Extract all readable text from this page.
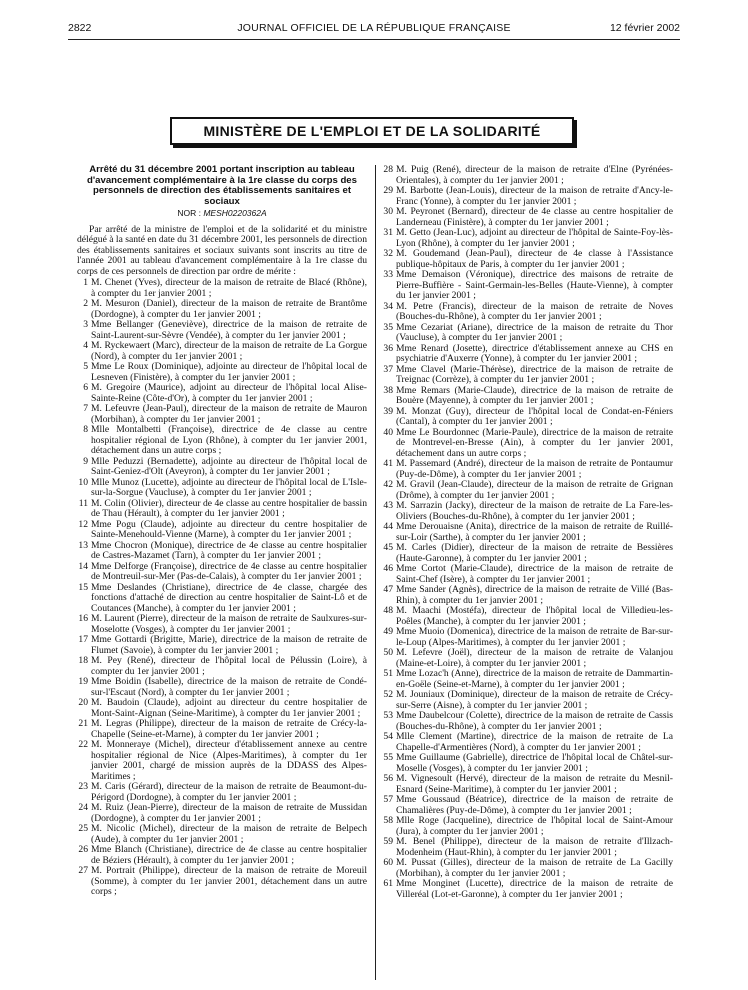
2822	JOURNAL OFFICIEL DE LA RÉPUBLIQUE FRANÇAISE	12 février 2002
MINISTÈRE DE L'EMPLOI ET DE LA SOLIDARITÉ
Arrêté du 31 décembre 2001 portant inscription au tableau d'avancement complémentaire à la 1re classe du corps des personnels de direction des établissements sanitaires et sociaux
NOR : MESH0220362A

Par arrêté de la ministre de l'emploi et de la solidarité et du ministre délégué à la santé en date du 31 décembre 2001, les personnels de direction des établissements sanitaires et sociaux suivants sont inscrits au titre de l'année 2001 au tableau d'avancement complémentaire à la 1re classe du corps de ces personnels de direction par ordre de mérite :

1 M. Chenet (Yves), directeur de la maison de retraite de Blacé (Rhône), à compter du 1er janvier 2001 ;
2 M. Mesuron (Daniel), directeur de la maison de retraite de Brantôme (Dordogne), à compter du 1er janvier 2001 ;
3 Mme Bellanger (Geneviève), directrice de la maison de retraite de Saint-Laurent-sur-Sèvre (Vendée), à compter du 1er janvier 2001 ;
4 M. Ryckewaert (Marc), directeur de la maison de retraite de La Gorgue (Nord), à compter du 1er janvier 2001 ;
5 Mme Le Roux (Dominique), adjointe au directeur de l'hôpital local de Lesneven (Finistère), à compter du 1er janvier 2001 ;
6 M. Gregoire (Maurice), adjoint au directeur de l'hôpital local Alise-Sainte-Reine (Côte-d'Or), à compter du 1er janvier 2001 ;
7 M. Lefeuvre (Jean-Paul), directeur de la maison de retraite de Mauron (Morbihan), à compter du 1er janvier 2001 ;
8 Mlle Montalbetti (Françoise), directrice de 4e classe au centre hospitalier régional de Lyon (Rhône), à compter du 1er janvier 2001, détachement dans un autre corps ;
9 Mlle Peduzzi (Bernadette), adjointe au directeur de l'hôpital local de Saint-Geniez-d'Olt (Aveyron), à compter du 1er janvier 2001 ;
10 Mlle Munoz (Lucette), adjointe au directeur de l'hôpital local de L'Isle-sur-la-Sorgue (Vaucluse), à compter du 1er janvier 2001 ;
11 M. Colin (Olivier), directeur de 4e classe au centre hospitalier de bassin de Thau (Hérault), à compter du 1er janvier 2001 ;
12 Mme Pogu (Claude), adjointe au directeur du centre hospitalier de Sainte-Menehould-Vienne (Marne), à compter du 1er janvier 2001 ;
13 Mme Chocron (Monique), directrice de 4e classe au centre hospitalier de Castres-Mazamet (Tarn), à compter du 1er janvier 2001 ;
14 Mme Delforge (Françoise), directrice de 4e classe au centre hospitalier de Montreuil-sur-Mer (Pas-de-Calais), à compter du 1er janvier 2001 ;
15 Mme Deslandes (Christiane), directrice de 4e classe, chargée des fonctions d'attaché de direction au centre hospitalier de Saint-Lô et de Coutances (Manche), à compter du 1er janvier 2001 ;
16 M. Laurent (Pierre), directeur de la maison de retraite de Saulxures-sur-Moselotte (Vosges), à compter du 1er janvier 2001 ;
17 Mme Gottardi (Brigitte, Marie), directrice de la maison de retraite de Flumet (Savoie), à compter du 1er janvier 2001 ;
18 M. Pey (René), directeur de l'hôpital local de Pélussin (Loire), à compter du 1er janvier 2001 ;
19 Mme Boidin (Isabelle), directrice de la maison de retraite de Condé-sur-l'Escaut (Nord), à compter du 1er janvier 2001 ;
20 M. Baudoin (Claude), adjoint au directeur du centre hospitalier de Mont-Saint-Aignan (Seine-Maritime), à compter du 1er janvier 2001 ;
21 M. Legras (Philippe), directeur de la maison de retraite de Crécy-la-Chapelle (Seine-et-Marne), à compter du 1er janvier 2001 ;
22 M. Monneraye (Michel), directeur d'établissement annexe au centre hospitalier régional de Nice (Alpes-Maritimes), à compter du 1er janvier 2001, chargé de mission auprès de la DDASS des Alpes-Maritimes ;
23 M. Caris (Gérard), directeur de la maison de retraite de Beaumont-du-Périgord (Dordogne), à compter du 1er janvier 2001 ;
24 M. Ruiz (Jean-Pierre), directeur de la maison de retraite de Mussidan (Dordogne), à compter du 1er janvier 2001 ;
25 M. Nicolic (Michel), directeur de la maison de retraite de Belpech (Aude), à compter du 1er janvier 2001 ;
26 Mme Blanch (Christiane), directrice de 4e classe au centre hospitalier de Béziers (Hérault), à compter du 1er janvier 2001 ;
27 M. Portrait (Philippe), directeur de la maison de retraite de Moreuil (Somme), à compter du 1er janvier 2001, détachement dans un autre corps ;
28 M. Puig (René), directeur de la maison de retraite d'Elne (Pyrénées-Orientales), à compter du 1er janvier 2001 ;
29 M. Barbotte (Jean-Louis), directeur de la maison de retraite d'Ancy-le-Franc (Yonne), à compter du 1er janvier 2001 ;
30 M. Peyronet (Bernard), directeur de 4e classe au centre hospitalier de Landerneau (Finistère), à compter du 1er janvier 2001 ;
31 M. Getto (Jean-Luc), adjoint au directeur de l'hôpital de Sainte-Foy-lès-Lyon (Rhône), à compter du 1er janvier 2001 ;
32 M. Goudemand (Jean-Paul), directeur de 4e classe à l'Assistance publique-hôpitaux de Paris, à compter du 1er janvier 2001 ;
33 Mme Demaison (Véronique), directrice des maisons de retraite de Pierre-Buffière - Saint-Germain-les-Belles (Haute-Vienne), à compter du 1er janvier 2001 ;
34 M. Petre (Francis), directeur de la maison de retraite de Noves (Bouches-du-Rhône), à compter du 1er janvier 2001 ;
35 Mme Cezariat (Ariane), directrice de la maison de retraite du Thor (Vaucluse), à compter du 1er janvier 2001 ;
36 Mme Renard (Josette), directrice d'établissement annexe au CHS en psychiatrie d'Auxerre (Yonne), à compter du 1er janvier 2001 ;
37 Mme Clavel (Marie-Thérèse), directrice de la maison de retraite de Treignac (Corrèze), à compter du 1er janvier 2001 ;
38 Mme Remars (Marie-Claude), directrice de la maison de retraite de Bouère (Mayenne), à compter du 1er janvier 2001 ;
39 M. Monzat (Guy), directeur de l'hôpital local de Condat-en-Féniers (Cantal), à compter du 1er janvier 2001 ;
40 Mme Le Bourdonnec (Marie-Paule), directrice de la maison de retraite de Montrevel-en-Bresse (Ain), à compter du 1er janvier 2001, détachement dans un autre corps ;
41 M. Passemard (André), directeur de la maison de retraite de Pontaumur (Puy-de-Dôme), à compter du 1er janvier 2001 ;
42 M. Gravil (Jean-Claude), directeur de la maison de retraite de Grignan (Drôme), à compter du 1er janvier 2001 ;
43 M. Sarrazin (Jacky), directeur de la maison de retraite de La Fare-les-Oliviers (Bouches-du-Rhône), à compter du 1er janvier 2001 ;
44 Mme Derouaisne (Anita), directrice de la maison de retraite de Ruillé-sur-Loir (Sarthe), à compter du 1er janvier 2001 ;
45 M. Carles (Didier), directeur de la maison de retraite de Bessières (Haute-Garonne), à compter du 1er janvier 2001 ;
46 Mme Cortot (Marie-Claude), directrice de la maison de retraite de Saint-Chef (Isère), à compter du 1er janvier 2001 ;
47 Mme Sander (Agnès), directrice de la maison de retraite de Villé (Bas-Rhin), à compter du 1er janvier 2001 ;
48 M. Maachi (Mostéfa), directeur de l'hôpital local de Villedieu-les-Poêles (Manche), à compter du 1er janvier 2001 ;
49 Mme Muoio (Domenica), directrice de la maison de retraite de Bar-sur-le-Loup (Alpes-Maritimes), à compter du 1er janvier 2001 ;
50 M. Lefevre (Joël), directeur de la maison de retraite de Valanjou (Maine-et-Loire), à compter du 1er janvier 2001 ;
51 Mme Lozac'h (Anne), directrice de la maison de retraite de Dammartin-en-Goële (Seine-et-Marne), à compter du 1er janvier 2001 ;
52 M. Jouniaux (Dominique), directeur de la maison de retraite de Crécy-sur-Serre (Aisne), à compter du 1er janvier 2001 ;
53 Mme Daubelcour (Colette), directrice de la maison de retraite de Cassis (Bouches-du-Rhône), à compter du 1er janvier 2001 ;
54 Mlle Clement (Martine), directrice de la maison de retraite de La Chapelle-d'Armentières (Nord), à compter du 1er janvier 2001 ;
55 Mme Guillaume (Gabrielle), directrice de l'hôpital local de Châtel-sur-Moselle (Vosges), à compter du 1er janvier 2001 ;
56 M. Vignesoult (Hervé), directeur de la maison de retraite du Mesnil-Esnard (Seine-Maritime), à compter du 1er janvier 2001 ;
57 Mme Goussaud (Béatrice), directrice de la maison de retraite de Chamalières (Puy-de-Dôme), à compter du 1er janvier 2001 ;
58 Mlle Roge (Jacqueline), directrice de l'hôpital local de Saint-Amour (Jura), à compter du 1er janvier 2001 ;
59 M. Benel (Philippe), directeur de la maison de retraite d'Illzach-Modenheim (Haut-Rhin), à compter du 1er janvier 2001 ;
60 M. Pussat (Gilles), directeur de la maison de retraite de La Gacilly (Morbihan), à compter du 1er janvier 2001 ;
61 Mme Monginet (Lucette), directrice de la maison de retraite de Villeréal (Lot-et-Garonne), à compter du 1er janvier 2001 ;
